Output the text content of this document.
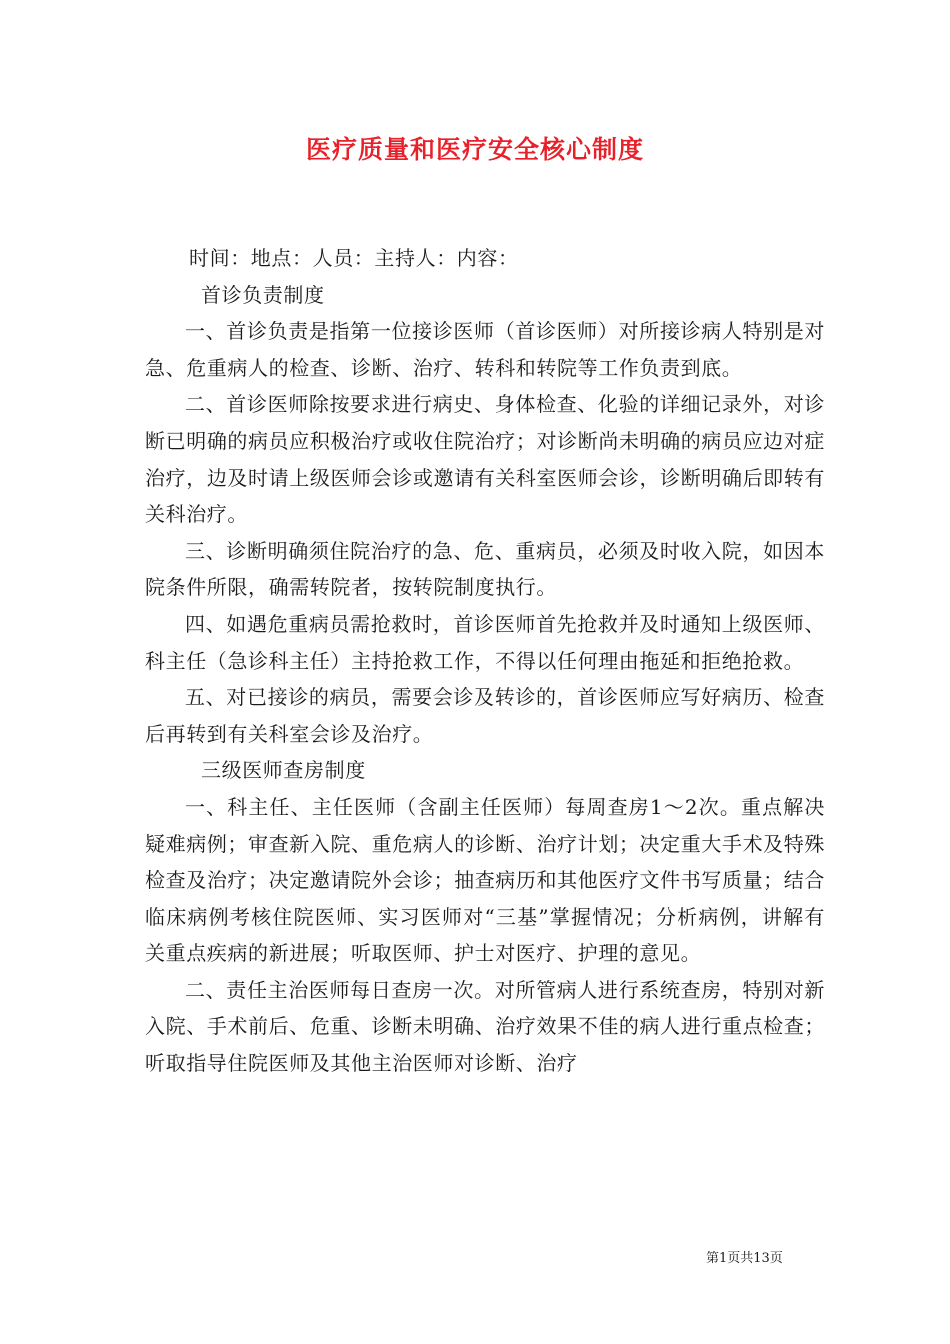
医疗质量和医疗安全核心制度

时间：地点：人员：主持人：内容：

首诊负责制度

一、首诊负责是指第一位接诊医师（首诊医师）对所接诊病人特别是对急、危重病人的检查、诊断、治疗、转科和转院等工作负责到底。

二、首诊医师除按要求进行病史、身体检查、化验的详细记录外，对诊断已明确的病员应积极治疗或收住院治疗；对诊断尚未明确的病员应边对症治疗，边及时请上级医师会诊或邀请有关科室医师会诊，诊断明确后即转有关科治疗。

三、诊断明确须住院治疗的急、危、重病员，必须及时收入院，如因本院条件所限，确需转院者，按转院制度执行。

四、如遇危重病员需抢救时，首诊医师首先抢救并及时通知上级医师、科主任（急诊科主任）主持抢救工作，不得以任何理由拖延和拒绝抢救。

五、对已接诊的病员，需要会诊及转诊的，首诊医师应写好病历、检查后再转到有关科室会诊及治疗。

三级医师查房制度

一、科主任、主任医师（含副主任医师）每周查房1～2次。重点解决疑难病例；审查新入院、重危病人的诊断、治疗计划；决定重大手术及特殊检查及治疗；决定邀请院外会诊；抽查病历和其他医疗文件书写质量；结合临床病例考核住院医师、实习医师对“三基”掌握情况；分析病例，讲解有关重点疾病的新进展；听取医师、护士对医疗、护理的意见。

二、责任主治医师每日查房一次。对所管病人进行系统查房，特别对新入院、手术前后、危重、诊断未明确、治疗效果不佳的病人进行重点检查；听取指导住院医师及其他主治医师对诊断、治疗

第1页共13页
